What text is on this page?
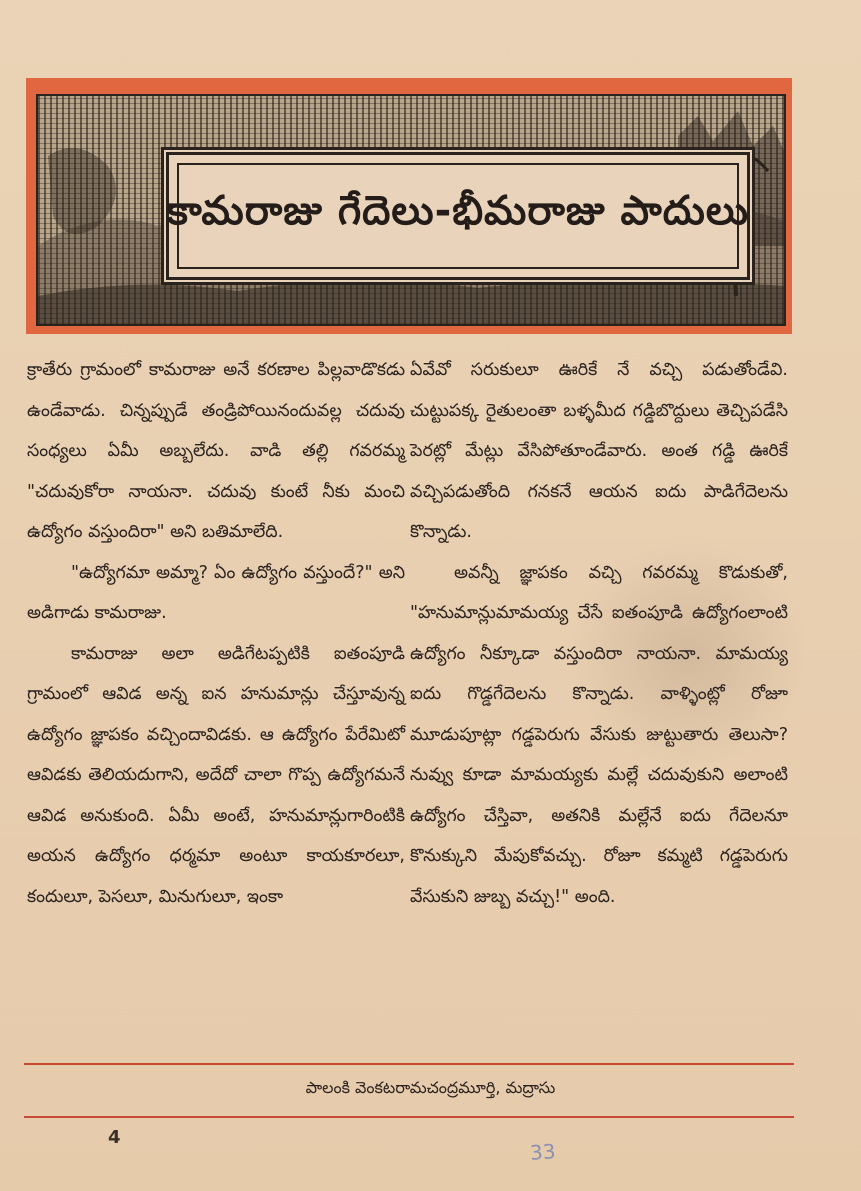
కామరాజు గేదెలు-భీమరాజు పాదులు

క్రాతేరు గ్రామంలో కామరాజు అనే కరణాల పిల్లవాడొకడు ఉండేవాడు. చిన్నప్పుడే తండ్రిపోయినందువల్ల చదువు సంధ్యలు ఏమీ అబ్బలేదు. వాడి తల్లి గవరమ్మ "చదువుకోరా నాయనా. చదువు కుంటే నీకు మంచి ఉద్యోగం వస్తుందిరా" అని బతిమాలేది.

"ఉద్యోగమా అమ్మా? ఏం ఉద్యోగం వస్తుందే?" అని అడిగాడు కామరాజు.

కామరాజు అలా అడిగేటప్పటికి ఐతంపూడి గ్రామంలో ఆవిడ అన్న ఐన హనుమాన్లు చేస్తూవున్న ఉద్యోగం జ్ఞాపకం వచ్చిందావిడకు. ఆ ఉద్యోగం పేరేమిటో ఆవిడకు తెలియదుగాని, అదేదో చాలా గొప్ప ఉద్యోగమనే ఆవిడ అనుకుంది. ఏమీ అంటే, హనుమాన్లుగారింటికి అయన ఉద్యోగం ధర్మమా అంటూ కాయకూరలూ, కందులూ, పెసలూ, మినుగులూ, ఇంకా

ఏవేవో సరుకులూ ఊరికే నే వచ్చి పడుతోండేవి. చుట్టుపక్క రైతులంతా బళ్ళమీద గడ్డిబొద్దులు తెచ్చిపడేసి పెరట్లో మేట్లు వేసిపోతూండేవారు. అంత గడ్డి ఊరికే వచ్చిపడుతోంది గనకనే ఆయన ఐదు పాడిగేదెలను కొన్నాడు.

అవన్నీ జ్ఞాపకం వచ్చి గవరమ్మ కొడుకుతో, "హనుమాన్లుమామయ్య చేసే ఐతంపూడి ఉద్యోగంలాంటి ఉద్యోగం నీక్కూడా వస్తుందిరా నాయనా. మామయ్య ఐదు గొడ్డగేదెలను కొన్నాడు. వాళ్ళింట్లో రోజూ మూడుపూట్లా గడ్డపెరుగు వేసుకు జుట్టుతారు తెలుసా? నువ్వు కూడా మామయ్యకు మల్లే చదువుకుని అలాంటి ఉద్యోగం చేస్తివా, అతనికి మల్లేనే ఐదు గేదెలనూ కొనుక్కుని మేపుకోవచ్చు. రోజూ కమ్మటి గడ్డపెరుగు వేసుకుని జుబ్బ వచ్చు!" అంది.

పాలంకి వెంకటరామచంద్రమూర్తి, మద్రాసు
4
33
